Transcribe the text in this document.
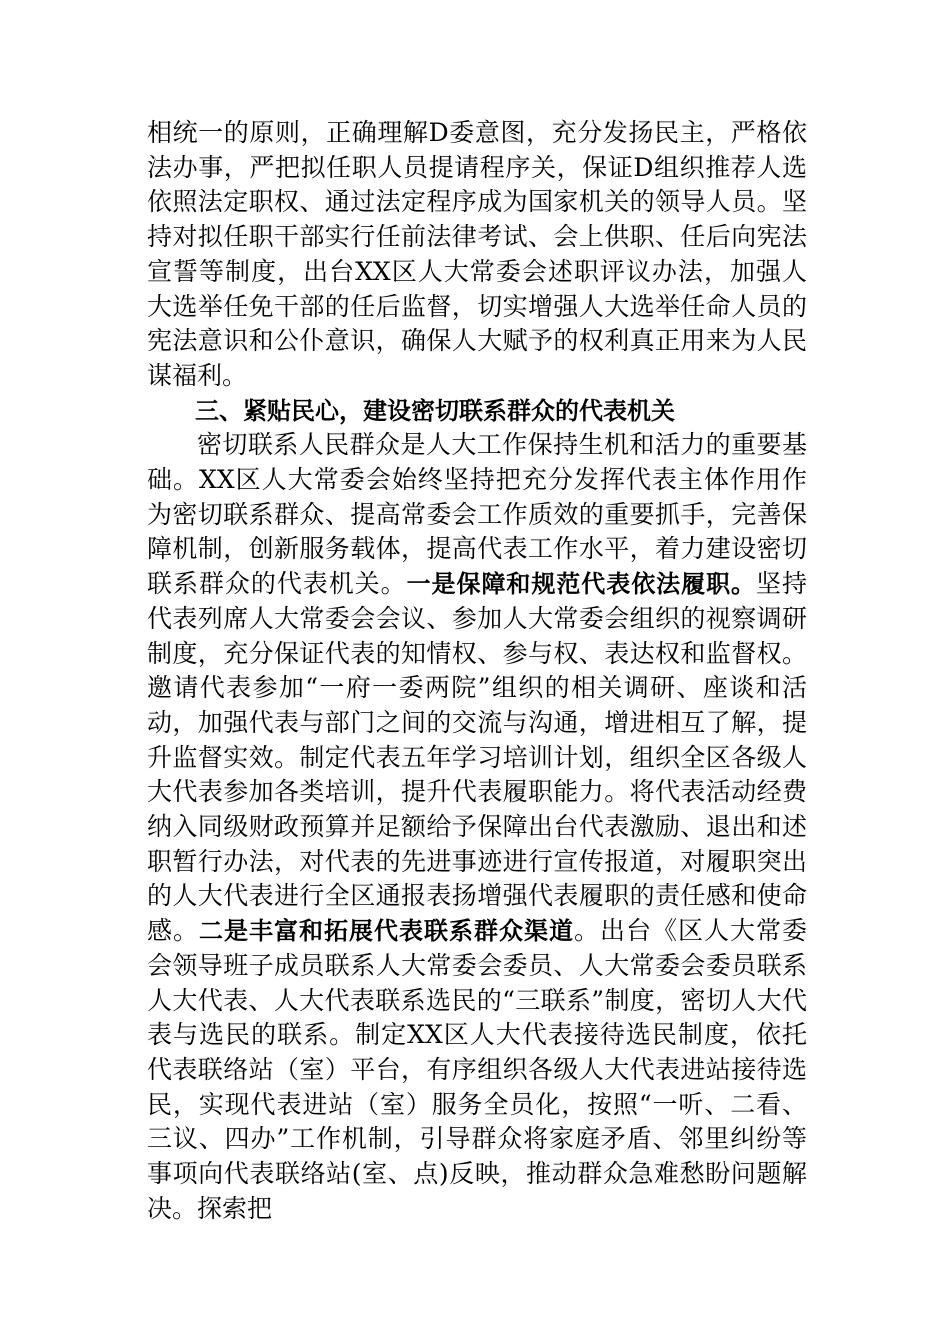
相统一的原则，正确理解D委意图，充分发扬民主，严格依法办事，严把拟任职人员提请程序关，保证D组织推荐人选依照法定职权、通过法定程序成为国家机关的领导人员。坚持对拟任职干部实行任前法律考试、会上供职、任后向宪法宣誓等制度，出台XX区人大常委会述职评议办法，加强人大选举任免干部的任后监督，切实增强人大选举任命人员的宪法意识和公仆意识，确保人大赋予的权利真正用来为人民谋福利。

三、紧贴民心，建设密切联系群众的代表机关

密切联系人民群众是人大工作保持生机和活力的重要基础。XX区人大常委会始终坚持把充分发挥代表主体作用作为密切联系群众、提高常委会工作质效的重要抓手，完善保障机制，创新服务载体，提高代表工作水平，着力建设密切联系群众的代表机关。一是保障和规范代表依法履职。坚持代表列席人大常委会会议、参加人大常委会组织的视察调研制度，充分保证代表的知情权、参与权、表达权和监督权。邀请代表参加“一府一委两院”组织的相关调研、座谈和活动，加强代表与部门之间的交流与沟通，增进相互了解，提升监督实效。制定代表五年学习培训计划，组织全区各级人大代表参加各类培训，提升代表履职能力。将代表活动经费纳入同级财政预算并足额给予保障出台代表激励、退出和述职暂行办法，对代表的先进事迹进行宣传报道，对履职突出的人大代表进行全区通报表扬增强代表履职的责任感和使命感。二是丰富和拓展代表联系群众渠道。出台《区人大常委会领导班子成员联系人大常委会委员、人大常委会委员联系人大代表、人大代表联系选民的“三联系”制度，密切人大代表与选民的联系。制定XX区人大代表接待选民制度，依托代表联络站（室）平台，有序组织各级人大代表进站接待选民，实现代表进站（室）服务全员化，按照“一听、二看、三议、四办”工作机制，引导群众将家庭矛盾、邻里纠纷等事项向代表联络站(室、点)反映，推动群众急难愁盼问题解决。探索把
